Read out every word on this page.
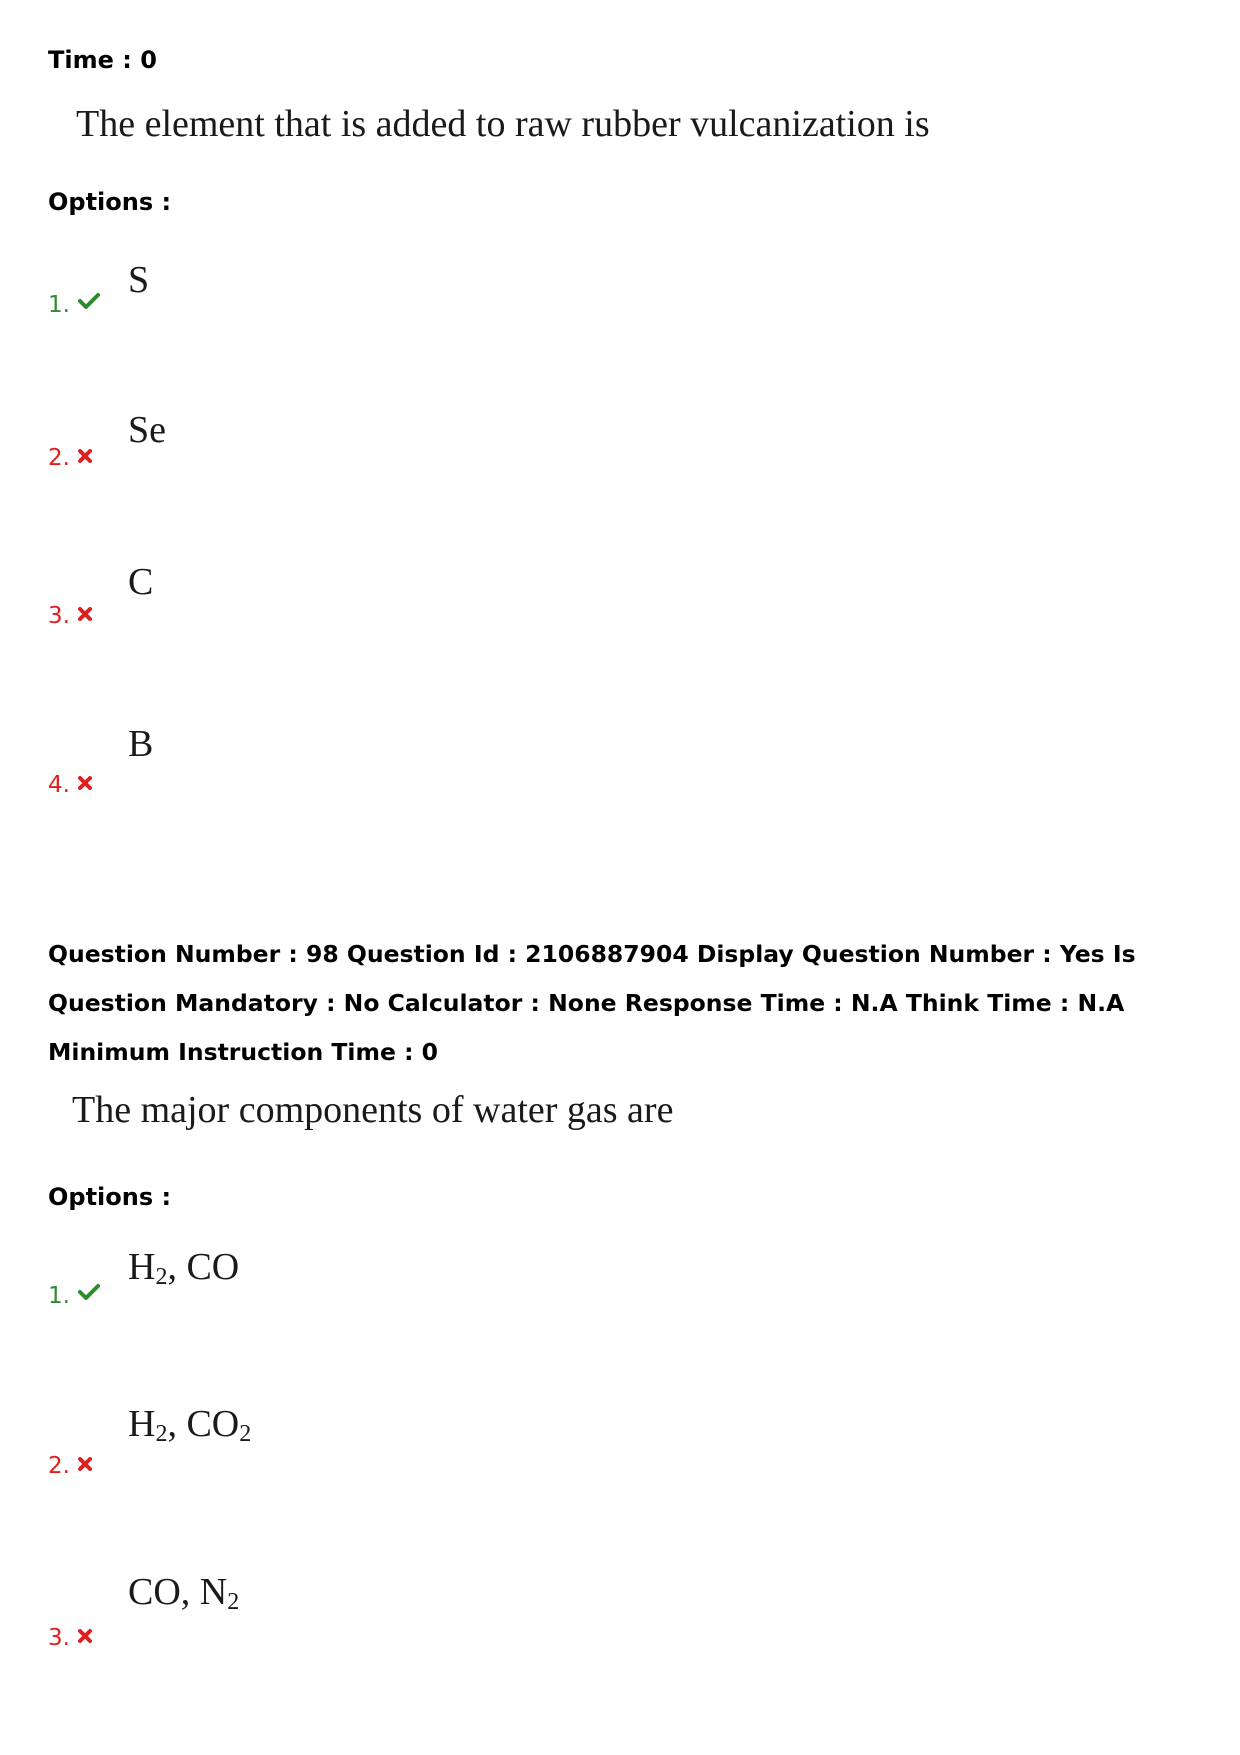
Time : 0
The element that is added to raw rubber vulcanization is
Options :
1.
S
2.
Se
3.
C
4.
B

Question Number : 98 Question Id : 2106887904 Display Question Number : Yes Is Question Mandatory : No Calculator : None Response Time : N.A Think Time : N.A Minimum Instruction Time : 0

The major components of water gas are
Options :
1.
$H_2$, CO
2.
$H_2$, $CO_2$
3.
CO, $N_2$
